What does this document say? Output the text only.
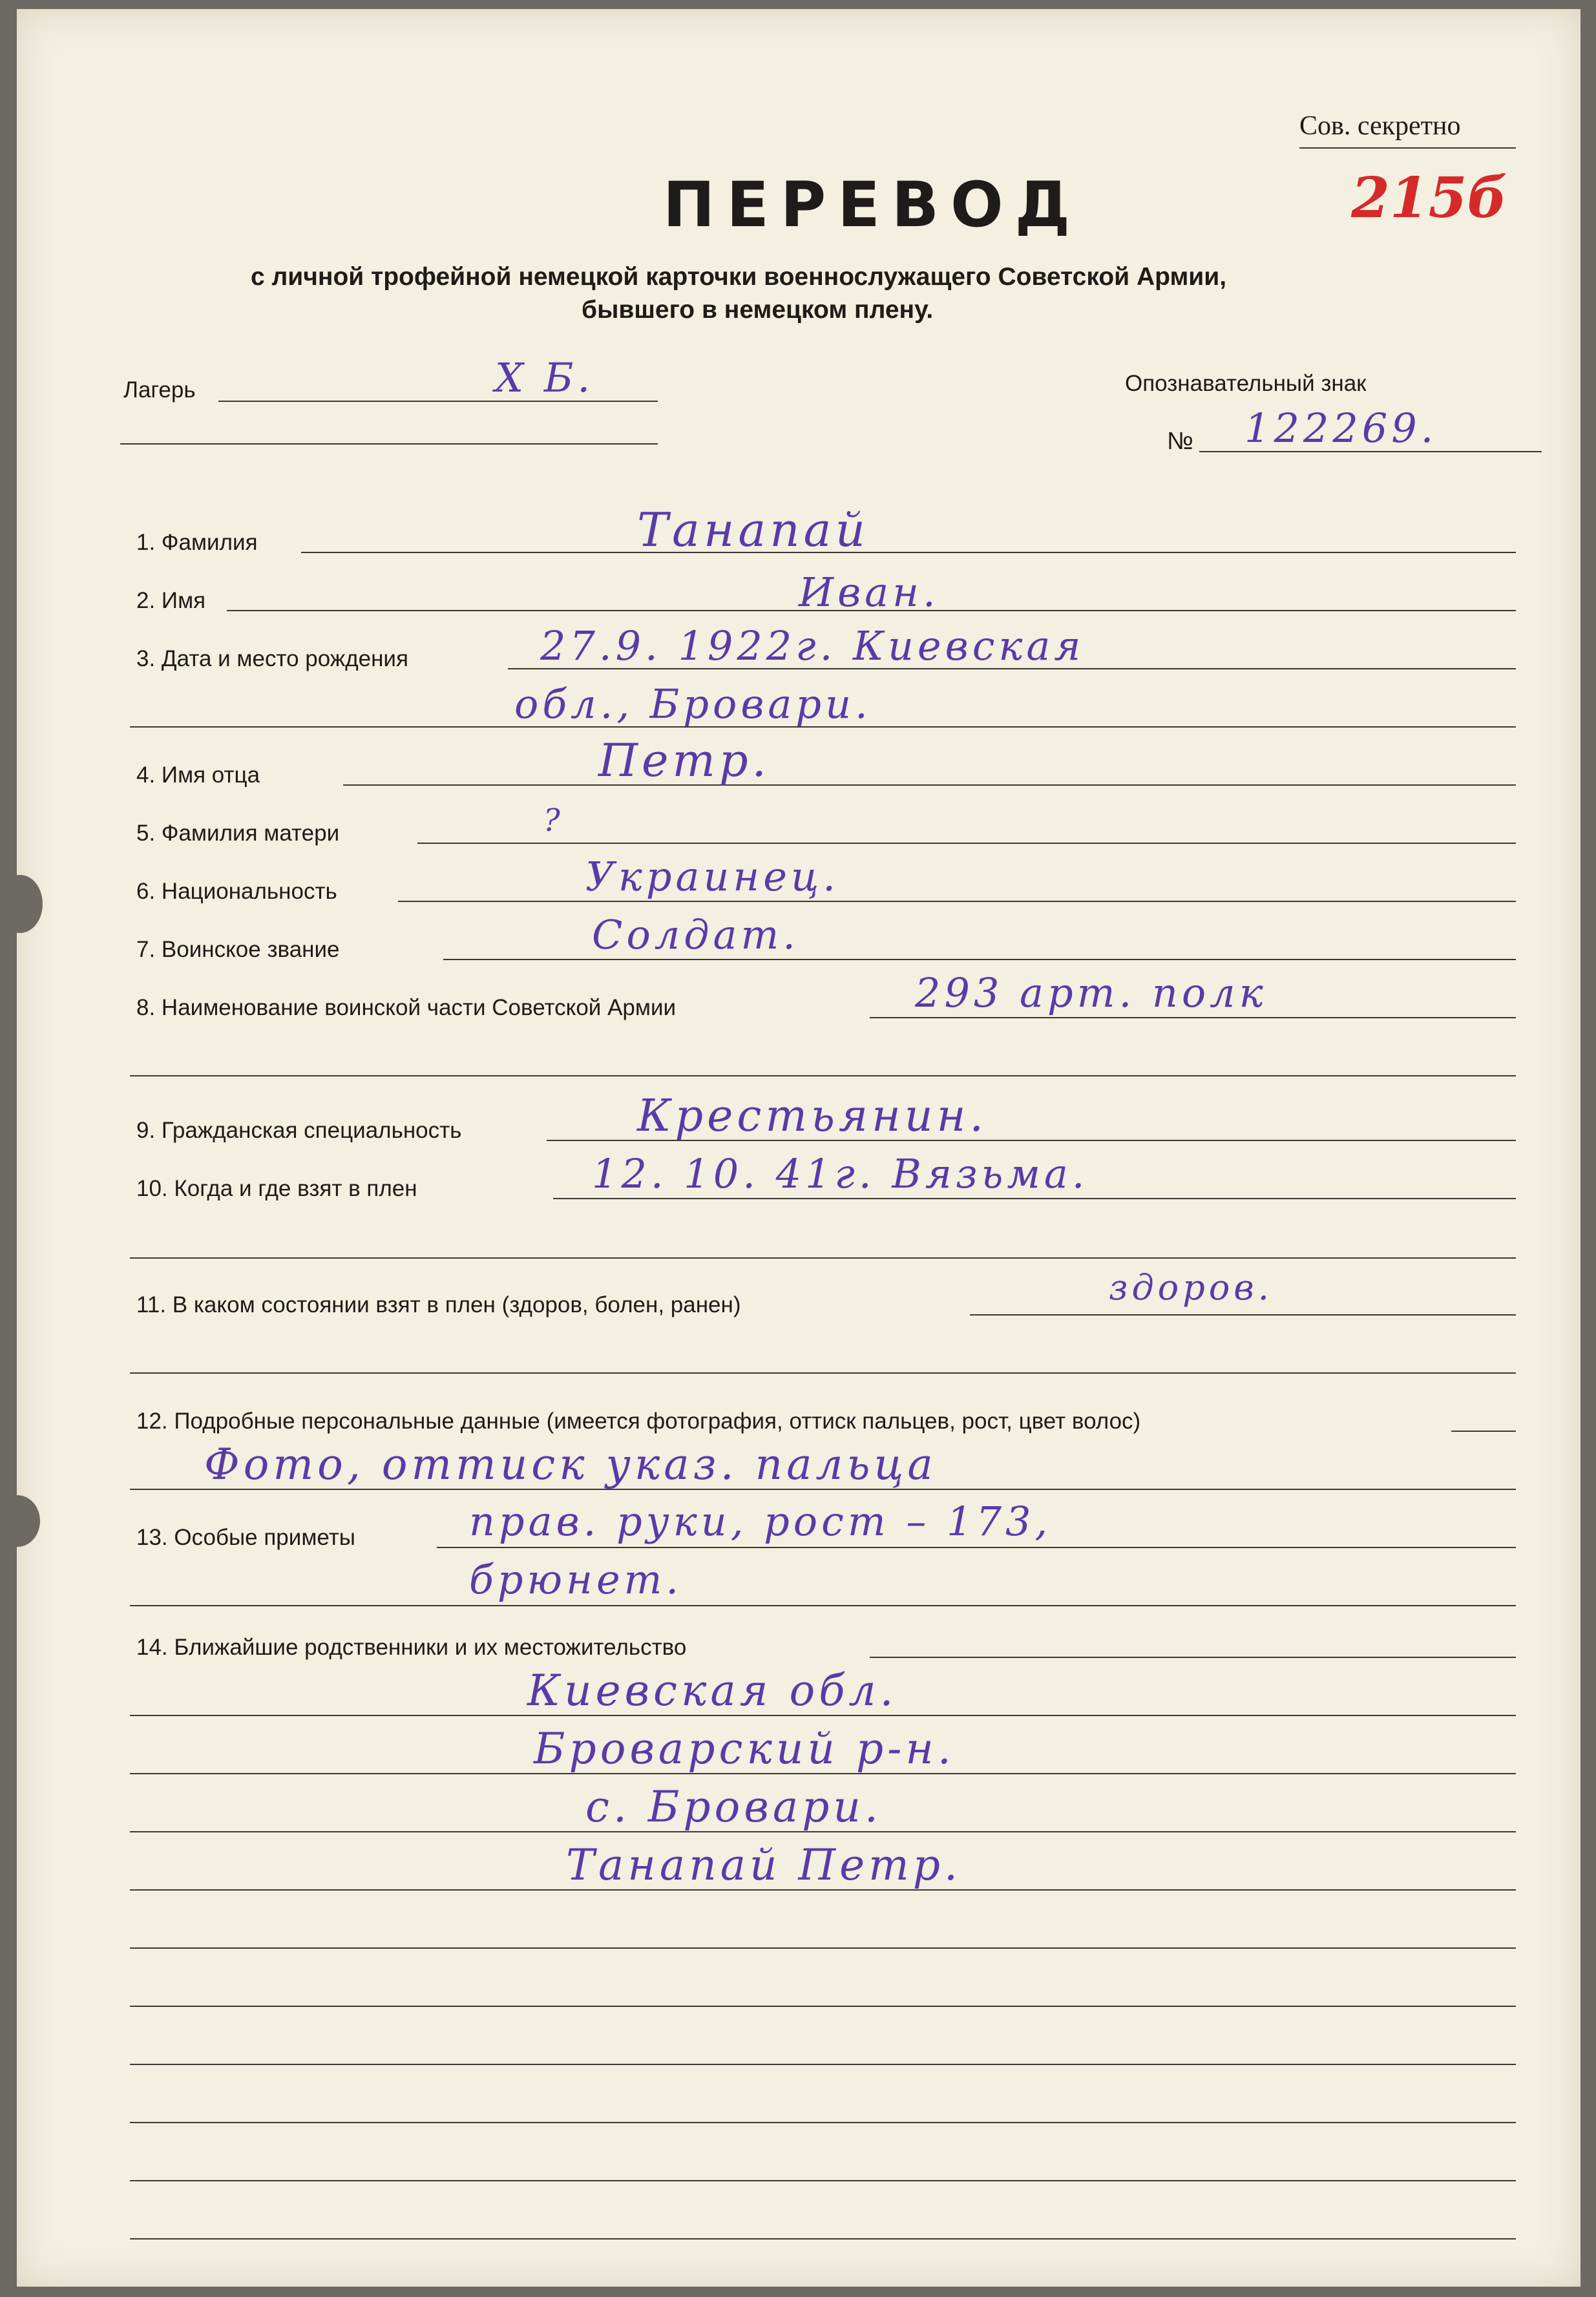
Сов. секретно
215б
ПЕРЕВОД
с личной трофейной немецкой карточки военнослужащего Советской Армии,
бывшего в немецком плену.
Лагерь	X Б.	Опознавательный знак
№ 122269.
1. Фамилия	Танапай
2. Имя	Иван.
3. Дата и место рождения	27.9. 1922г. Киевская
обл., Бровари.
4. Имя отца	Петр.
5. Фамилия матери	?
6. Национальность	Украинец.
7. Воинское звание	Солдат.
8. Наименование воинской части Советской Армии	293 арт. полк
9. Гражданская специальность	Крестьянин.
10. Когда и где взят в плен	12. 10. 41г. Вязьма.
11. В каком состоянии взят в плен (здоров, болен, ранен)	здоров.
12. Подробные персональные данные (имеется фотография, оттиск пальцев, рост, цвет волос)
Фото, оттиск указ. пальца
13. Особые приметы	прав. руки, рост – 173,
брюнет.
14. Ближайшие родственники и их местожительство
Киевская обл.
Броварский р-н.
с. Бровари.
Танапай Петр.
